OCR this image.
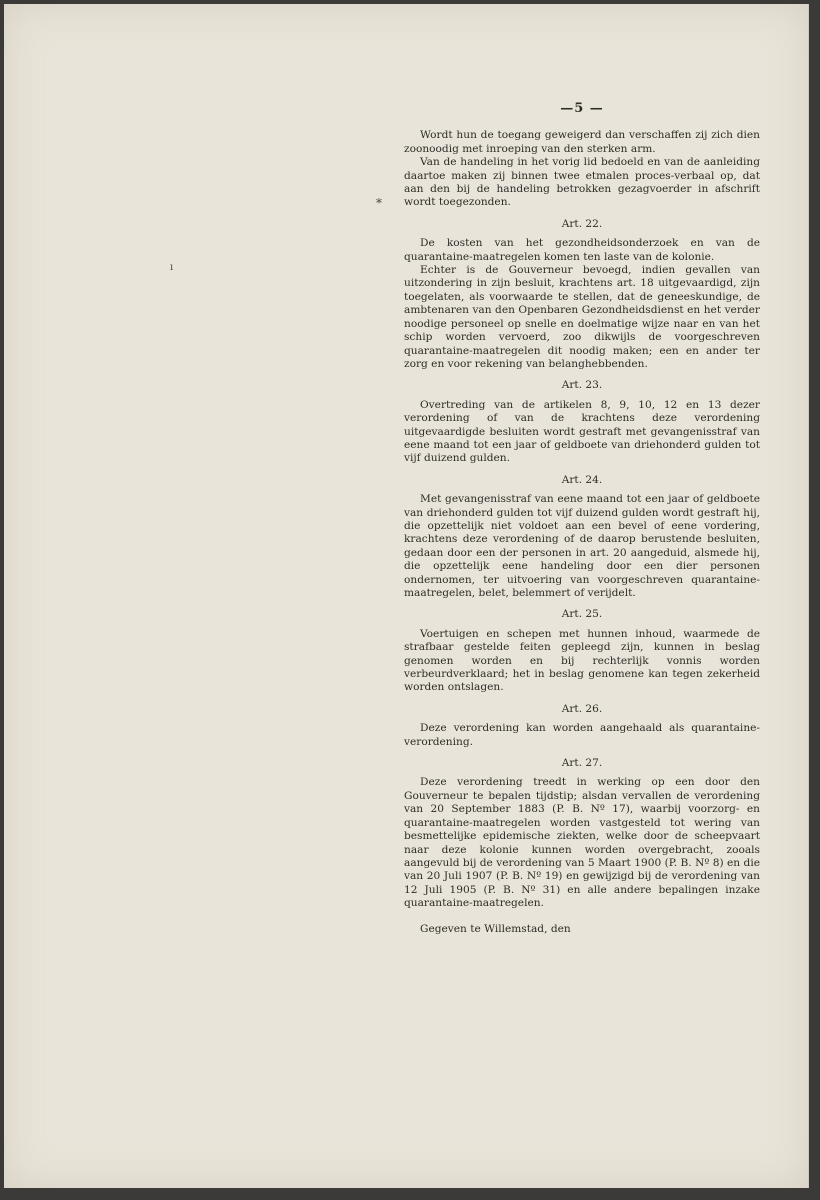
*
ı
—5 —

Wordt hun de toegang geweigerd dan verschaffen zij zich dien zoonoodig met inroeping van den sterken arm.

Van de handeling in het vorig lid bedoeld en van de aanleiding daartoe maken zij binnen twee etmalen proces-verbaal op, dat aan den bij de handeling betrokken gezagvoerder in afschrift wordt toegezonden.

Art. 22.

De kosten van het gezondheidsonderzoek en van de quarantaine-maatregelen komen ten laste van de kolonie.

Echter is de Gouverneur bevoegd, indien gevallen van uitzondering in zijn besluit, krachtens art. 18 uitgevaardigd, zijn toegelaten, als voorwaarde te stellen, dat de geneeskundige, de ambtenaren van den Openbaren Gezondheidsdienst en het verder noodige personeel op snelle en doelmatige wijze naar en van het schip worden vervoerd, zoo dikwijls de voorgeschreven quarantaine-maatregelen dit noodig maken; een en ander ter zorg en voor rekening van belanghebbenden.

Art. 23.

Overtreding van de artikelen 8, 9, 10, 12 en 13 dezer verordening of van de krachtens deze verordening uitgevaardigde besluiten wordt gestraft met gevangenisstraf van eene maand tot een jaar of geldboete van driehonderd gulden tot vijf duizend gulden.

Art. 24.

Met gevangenisstraf van eene maand tot een jaar of geldboete van driehonderd gulden tot vijf duizend gulden wordt gestraft hij, die opzettelijk niet voldoet aan een bevel of eene vordering, krachtens deze verordening of de daarop berustende besluiten, gedaan door een der personen in art. 20 aangeduid, alsmede hij, die opzettelijk eene handeling door een dier personen ondernomen, ter uitvoering van voorgeschreven quarantaine-maatregelen, belet, belemmert of verijdelt.

Art. 25.

Voertuigen en schepen met hunnen inhoud, waarmede de strafbaar gestelde feiten gepleegd zijn, kunnen in beslag genomen worden en bij rechterlijk vonnis worden verbeurdverklaard; het in beslag genomene kan tegen zekerheid worden ontslagen.

Art. 26.

Deze verordening kan worden aangehaald als quarantaine-verordening.

Art. 27.

Deze verordening treedt in werking op een door den Gouverneur te bepalen tijdstip; alsdan vervallen de verordening van 20 September 1883 (P. B. Nº 17), waarbij voorzorg- en quarantaine-maatregelen worden vastgesteld tot wering van besmettelijke epidemische ziekten, welke door de scheepvaart naar deze kolonie kunnen worden overgebracht, zooals aangevuld bij de verordening van 5 Maart 1900 (P. B. Nº 8) en die van 20 Juli 1907 (P. B. Nº 19) en gewijzigd bij de verordening van 12 Juli 1905 (P. B. Nº 31) en alle andere bepalingen inzake quarantaine-maatregelen.

Gegeven te Willemstad, den
